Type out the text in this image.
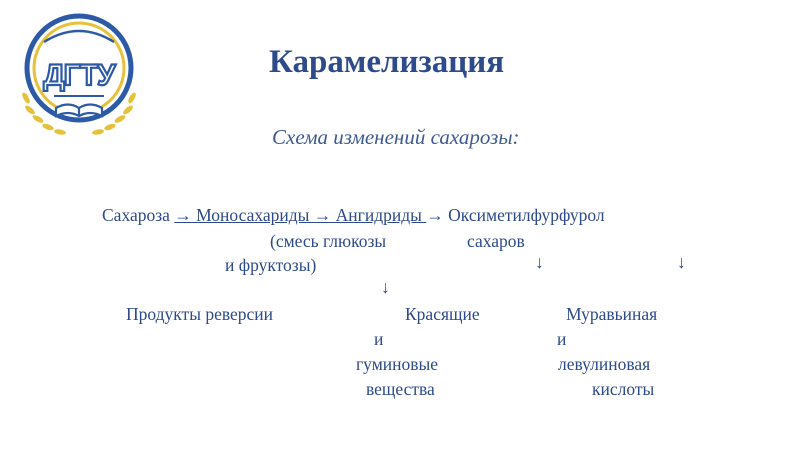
ДГТУ	Карамелизация
Схема изменений сахарозы:
Сахароза → Моносахариды → Ангидриды → Оксиметилфурфурол
(смесь глюкозы	сахаров
и фруктозы)	↓	↓
↓
Продукты реверсии	Красящие
и
гуминовые
вещества
Муравьиная
и
левулиновая
кислоты
